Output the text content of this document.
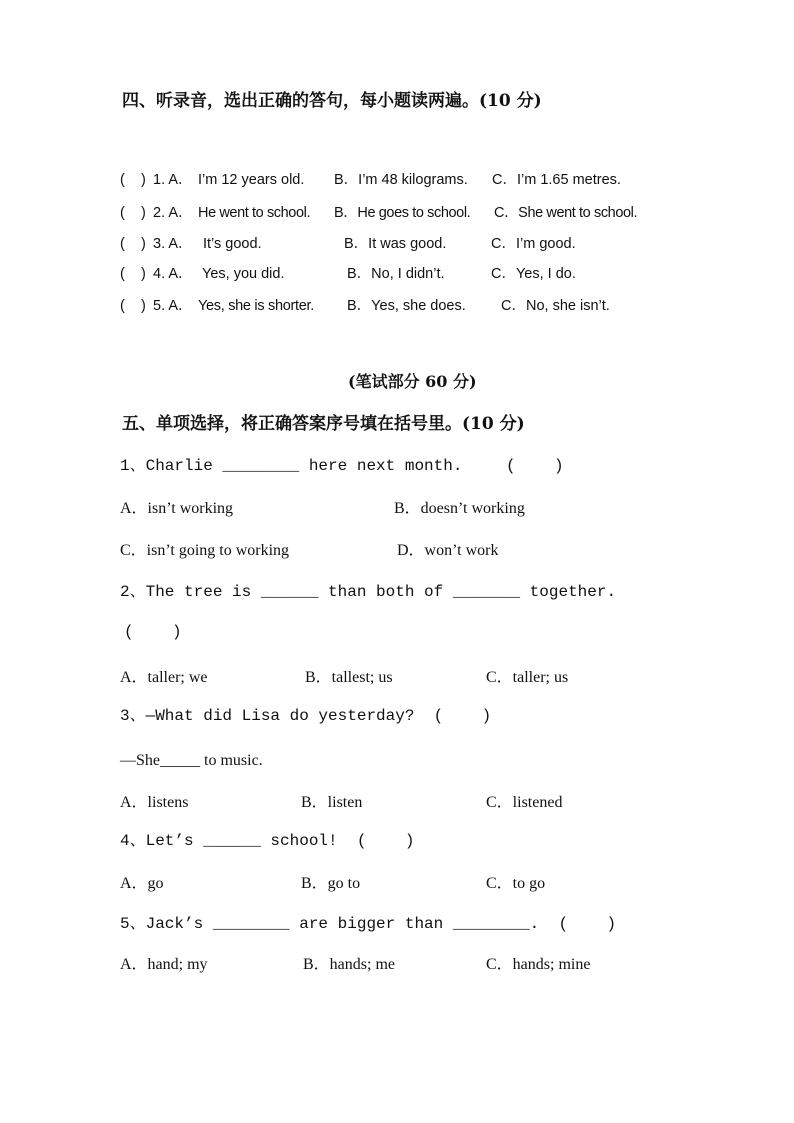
四、听录音，选出正确的答句，每小题读两遍。(10 分)
(    ) 1. A． I’m 12 years old. B．I’m 48 kilograms. C．I’m 1.65 metres.
(    ) 2. A． He went to school. B．He goes to school. C．She went to school.
(    ) 3. A． It’s good.	B．It was good.	C．I’m good.
(    ) 4. A． Yes, you did.	B．No, I didn’t.	C．Yes, I do.
(    ) 5. A． Yes, she is shorter. B．Yes, she does. C．No, she isn’t.
(笔试部分 60 分)
五、单项选择，将正确答案序号填在括号里。(10 分)
1、Charlie ________ here next month.	(    )
A．isn’t working	B．doesn’t working
C．isn’t going to working	D．won’t work
2、The tree is ______ than both of _______ together.
(    )
A．taller; we	B．tallest; us	C．taller; us
3、—What did Lisa do yesterday?  (    )
—She_____ to music.
A．listens	B．listen	C．listened
4、Let’s ______ school!  (    )
A．go	B．go to	C．to go
5、Jack’s ________ are bigger than ________.  (    )
A．hand; my	B．hands; me	C．hands; mine
